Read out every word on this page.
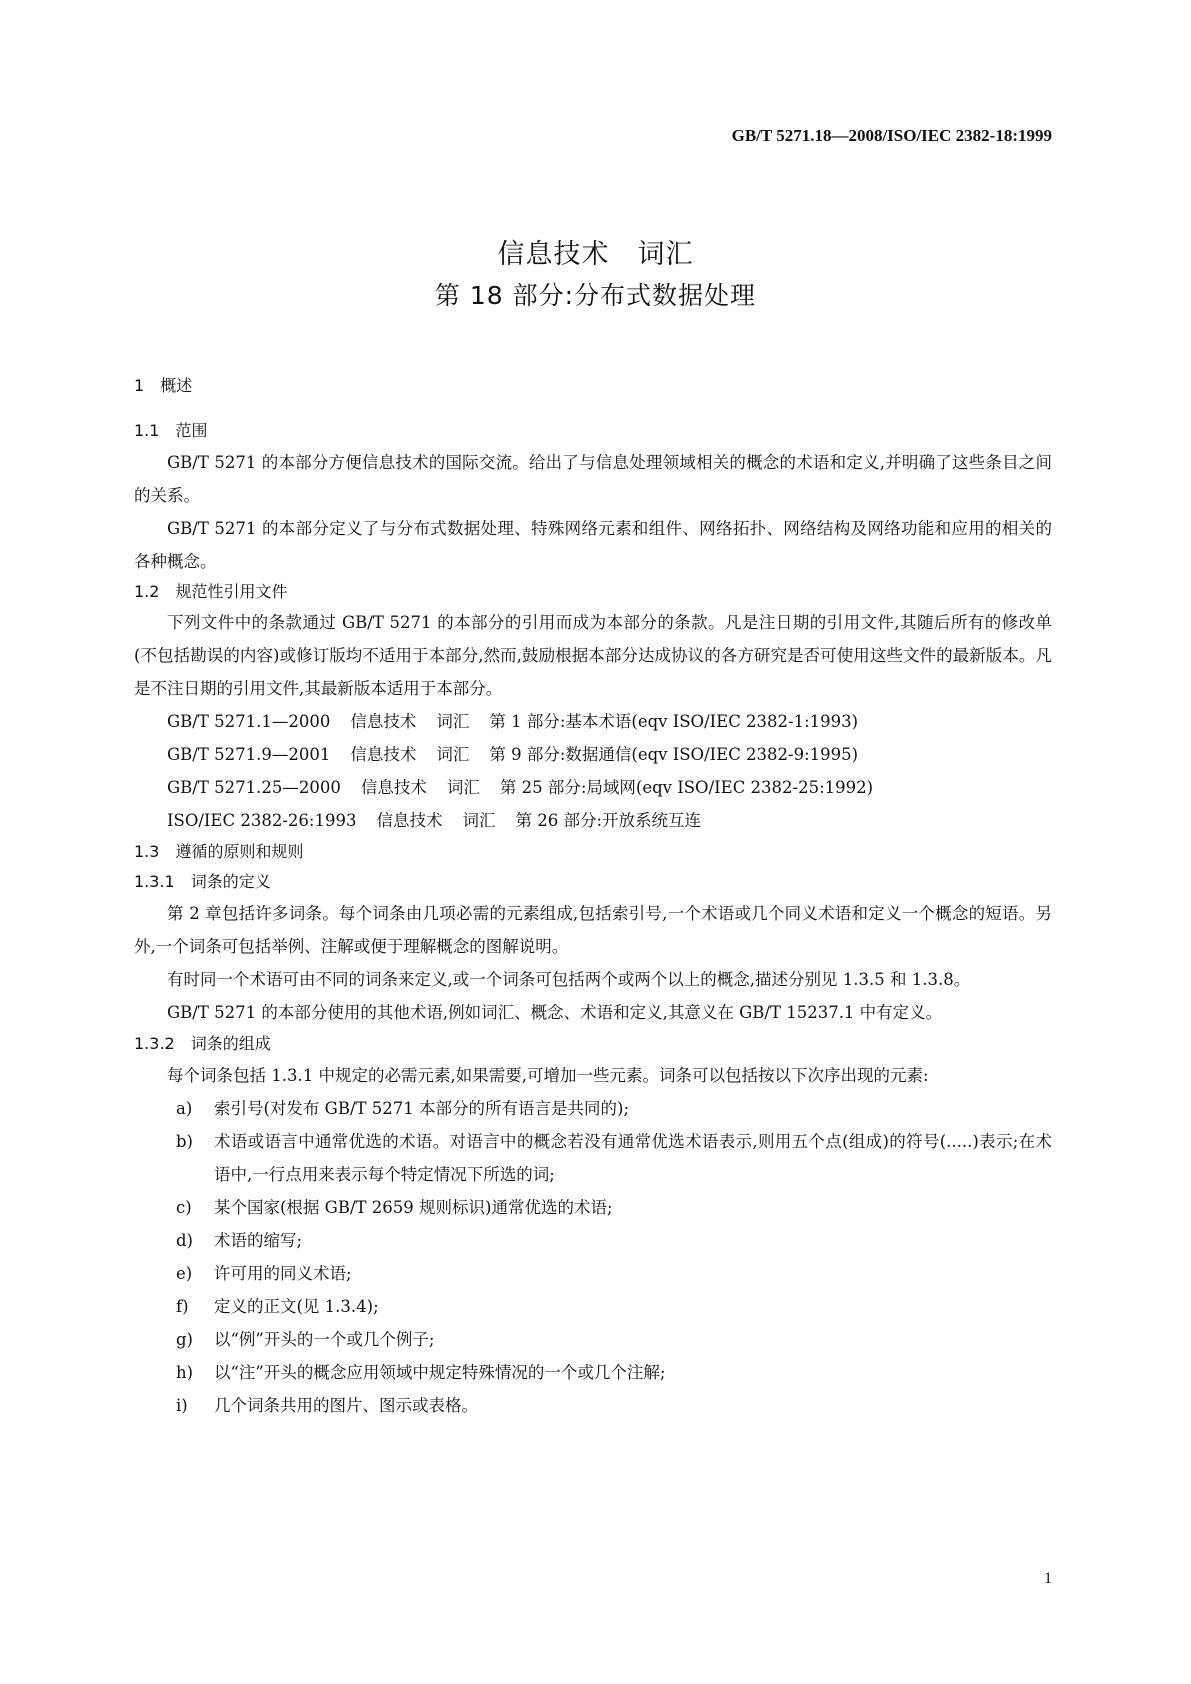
GB/T 5271.18—2008/ISO/IEC 2382-18:1999
信息技术 词汇
第 18 部分:分布式数据处理
1 概述
1.1 范围
GB/T 5271 的本部分方便信息技术的国际交流。给出了与信息处理领域相关的概念的术语和定义,并明确了这些条目之间的关系。
GB/T 5271 的本部分定义了与分布式数据处理、特殊网络元素和组件、网络拓扑、网络结构及网络功能和应用的相关的各种概念。
1.2 规范性引用文件
下列文件中的条款通过 GB/T 5271 的本部分的引用而成为本部分的条款。凡是注日期的引用文件,其随后所有的修改单(不包括勘误的内容)或修订版均不适用于本部分,然而,鼓励根据本部分达成协议的各方研究是否可使用这些文件的最新版本。凡是不注日期的引用文件,其最新版本适用于本部分。
GB/T 5271.1—2000 信息技术 词汇 第 1 部分:基本术语(eqv ISO/IEC 2382-1:1993)
GB/T 5271.9—2001 信息技术 词汇 第 9 部分:数据通信(eqv ISO/IEC 2382-9:1995)
GB/T 5271.25—2000 信息技术 词汇 第 25 部分:局域网(eqv ISO/IEC 2382-25:1992)
ISO/IEC 2382-26:1993 信息技术 词汇 第 26 部分:开放系统互连
1.3 遵循的原则和规则
1.3.1 词条的定义
第 2 章包括许多词条。每个词条由几项必需的元素组成,包括索引号,一个术语或几个同义术语和定义一个概念的短语。另外,一个词条可包括举例、注解或便于理解概念的图解说明。
有时同一个术语可由不同的词条来定义,或一个词条可包括两个或两个以上的概念,描述分别见 1.3.5 和 1.3.8。
GB/T 5271 的本部分使用的其他术语,例如词汇、概念、术语和定义,其意义在 GB/T 15237.1 中有定义。
1.3.2 词条的组成
每个词条包括 1.3.1 中规定的必需元素,如果需要,可增加一些元素。词条可以包括按以下次序出现的元素:
a) 索引号(对发布 GB/T 5271 本部分的所有语言是共同的);
b) 术语或语言中通常优选的术语。对语言中的概念若没有通常优选术语表示,则用五个点(组成)的符号(.....)表示;在术语中,一行点用来表示每个特定情况下所选的词;
c) 某个国家(根据 GB/T 2659 规则标识)通常优选的术语;
d) 术语的缩写;
e) 许可用的同义术语;
f) 定义的正文(见 1.3.4);
g) 以“例”开头的一个或几个例子;
h) 以“注”开头的概念应用领域中规定特殊情况的一个或几个注解;
i) 几个词条共用的图片、图示或表格。
1
